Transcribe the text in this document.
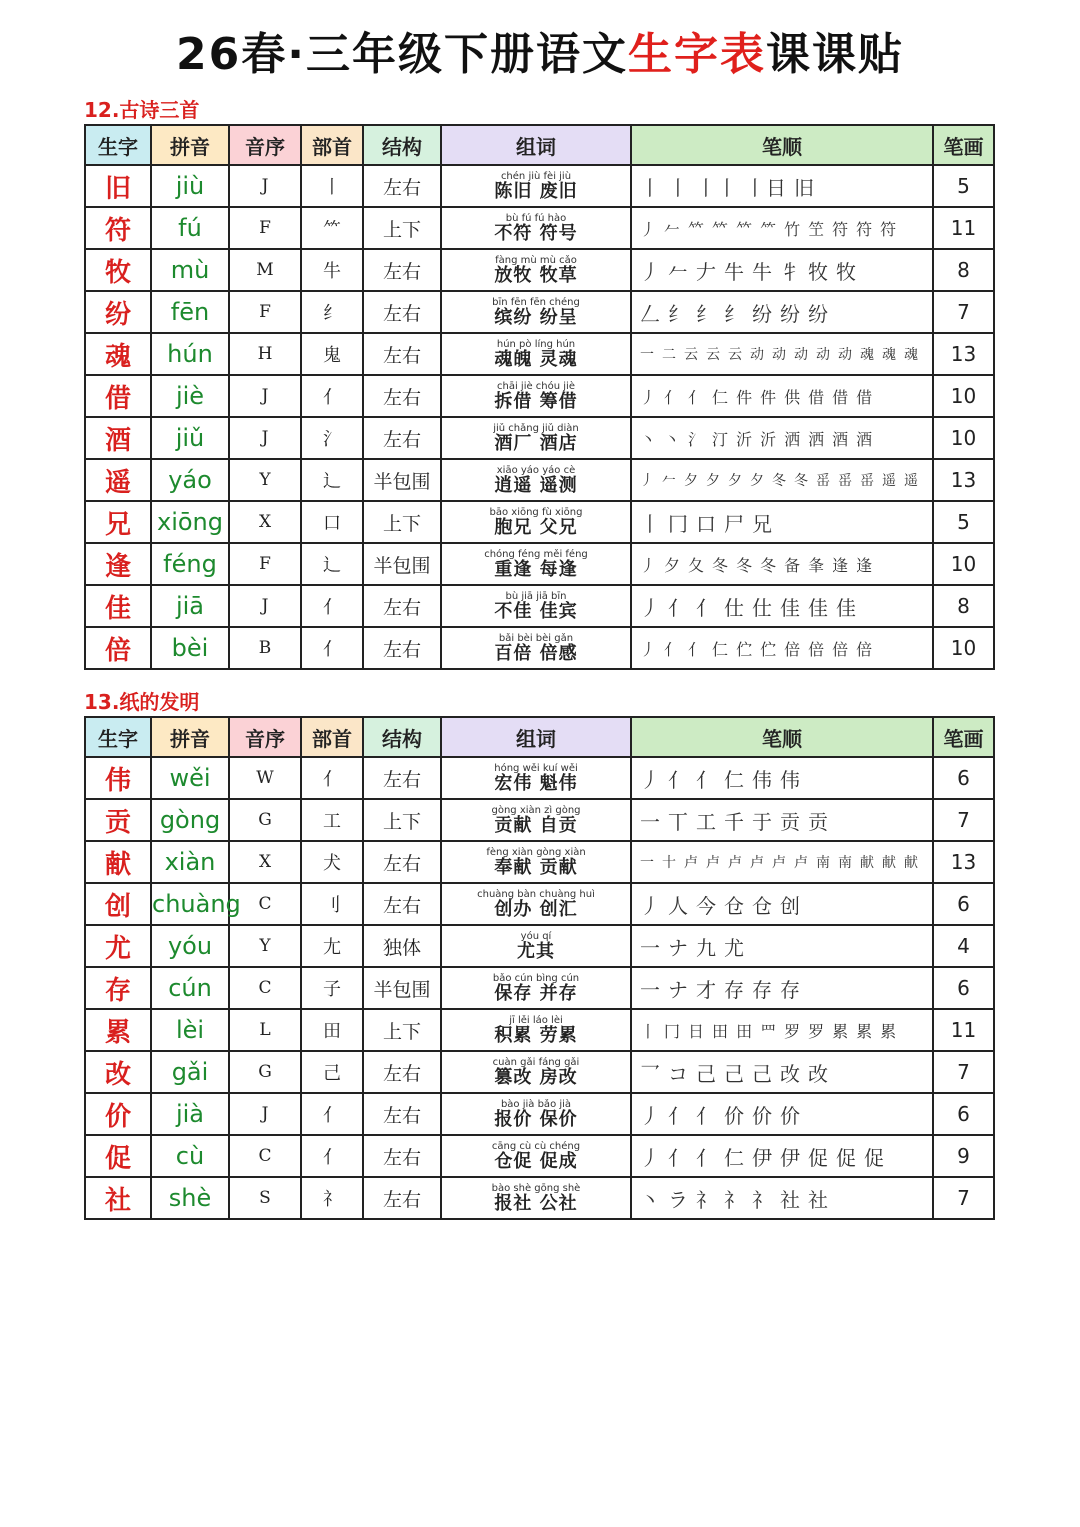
26春·三年级下册语文生字表课课贴
12.古诗三首
生字	拼音	音序	部首	结构	组词	笔顺	笔画
旧	jiù	J	丨	左右	chén jiù fèi jiù
陈旧 废旧	丨 丨 丨丨 丨日 旧	5
符	fú	F	⺮	上下	bù fú fú hào
不符 符号	丿 𠂉 𥫗 𥫗 𥫗 ⺮ 竹 笁 符 符 符	11
牧	mù	M	牛	左右	fàng mù mù cǎo
放牧 牧草	丿 𠂉 𠂇 牛 牛 牜 牧 牧	8
纷	fēn	F	纟	左右	bīn fēn fēn chéng
缤纷 纷呈	𠃋 纟 纟 纟 纷 纷 纷	7
魂	hún	H	鬼	左右	hún pò líng hún
魂魄 灵魂	一 二 云 云 云 动 动 动 动 动 魂 魂 魂	13
借	jiè	J	亻	左右	chāi jiè chóu jiè
拆借 筹借	丿 亻 亻 仁 件 件 供 借 借 借	10
酒	jiǔ	J	氵	左右	jiǔ chǎng jiǔ diàn
酒厂 酒店	丶 丶 氵 汀 沂 沂 洒 洒 酒 酒	10
遥	yáo	Y	辶	半包围	xiāo yáo yáo cè
逍遥 遥测	丿 𠂉 夕 夕 夕 夕 冬 冬 䍃 䍃 䍃 遥 遥	13
兄	xiōng	X	口	上下	bāo xiōng fù xiōng
胞兄 父兄	丨 冂 口 尸 兄	5
逢	féng	F	辶	半包围	chóng féng měi féng
重逢 每逢	丿 夕 夂 冬 冬 冬 备 夆 逢 逢	10
佳	jiā	J	亻	左右	bù jiā jiā bīn
不佳 佳宾	丿 亻 亻 仕 仕 佳 佳 佳	8
倍	bèi	B	亻	左右	bǎi bèi bèi gǎn
百倍 倍感	丿 亻 亻 仁 伫 伫 倍 倍 倍 倍	10
13.纸的发明
生字	拼音	音序	部首	结构	组词	笔顺	笔画
伟	wěi	W	亻	左右	hóng wěi kuí wěi
宏伟 魁伟	丿 亻 亻 仁 伟 伟	6
贡	gòng	G	工	上下	gòng xiàn zì gòng
贡献 自贡	一 丅 工 千 于 贡 贡	7
献	xiàn	X	犬	左右	fèng xiàn gòng xiàn
奉献 贡献	一 十 卢 卢 卢 卢 卢 卢 南 南 献 献 献	13
创	chuàng	C	刂	左右	chuàng bàn chuàng huì
创办 创汇	丿 人 今 仓 仓 创	6
尤	yóu	Y	尢	独体	yóu qí
尤其	一 ナ 九 尤	4
存	cún	C	子	半包围	bǎo cún bìng cún
保存 并存	一 ナ 才 存 存 存	6
累	lèi	L	田	上下	jī lěi láo lèi
积累 劳累	丨 冂 日 田 田 罒 罗 罗 累 累 累	11
改	gǎi	G	己	左右	cuàn gǎi fáng gǎi
篡改 房改	乛 コ 己 己 己 改 改	7
价	jià	J	亻	左右	bào jià bǎo jià
报价 保价	丿 亻 亻 价 价 价	6
促	cù	C	亻	左右	cāng cù cù chéng
仓促 促成	丿 亻 亻 仁 伊 伊 促 促 促	9
社	shè	S	礻	左右	bào shè gōng shè
报社 公社	丶 ラ 礻 礻 礻 社 社	7
